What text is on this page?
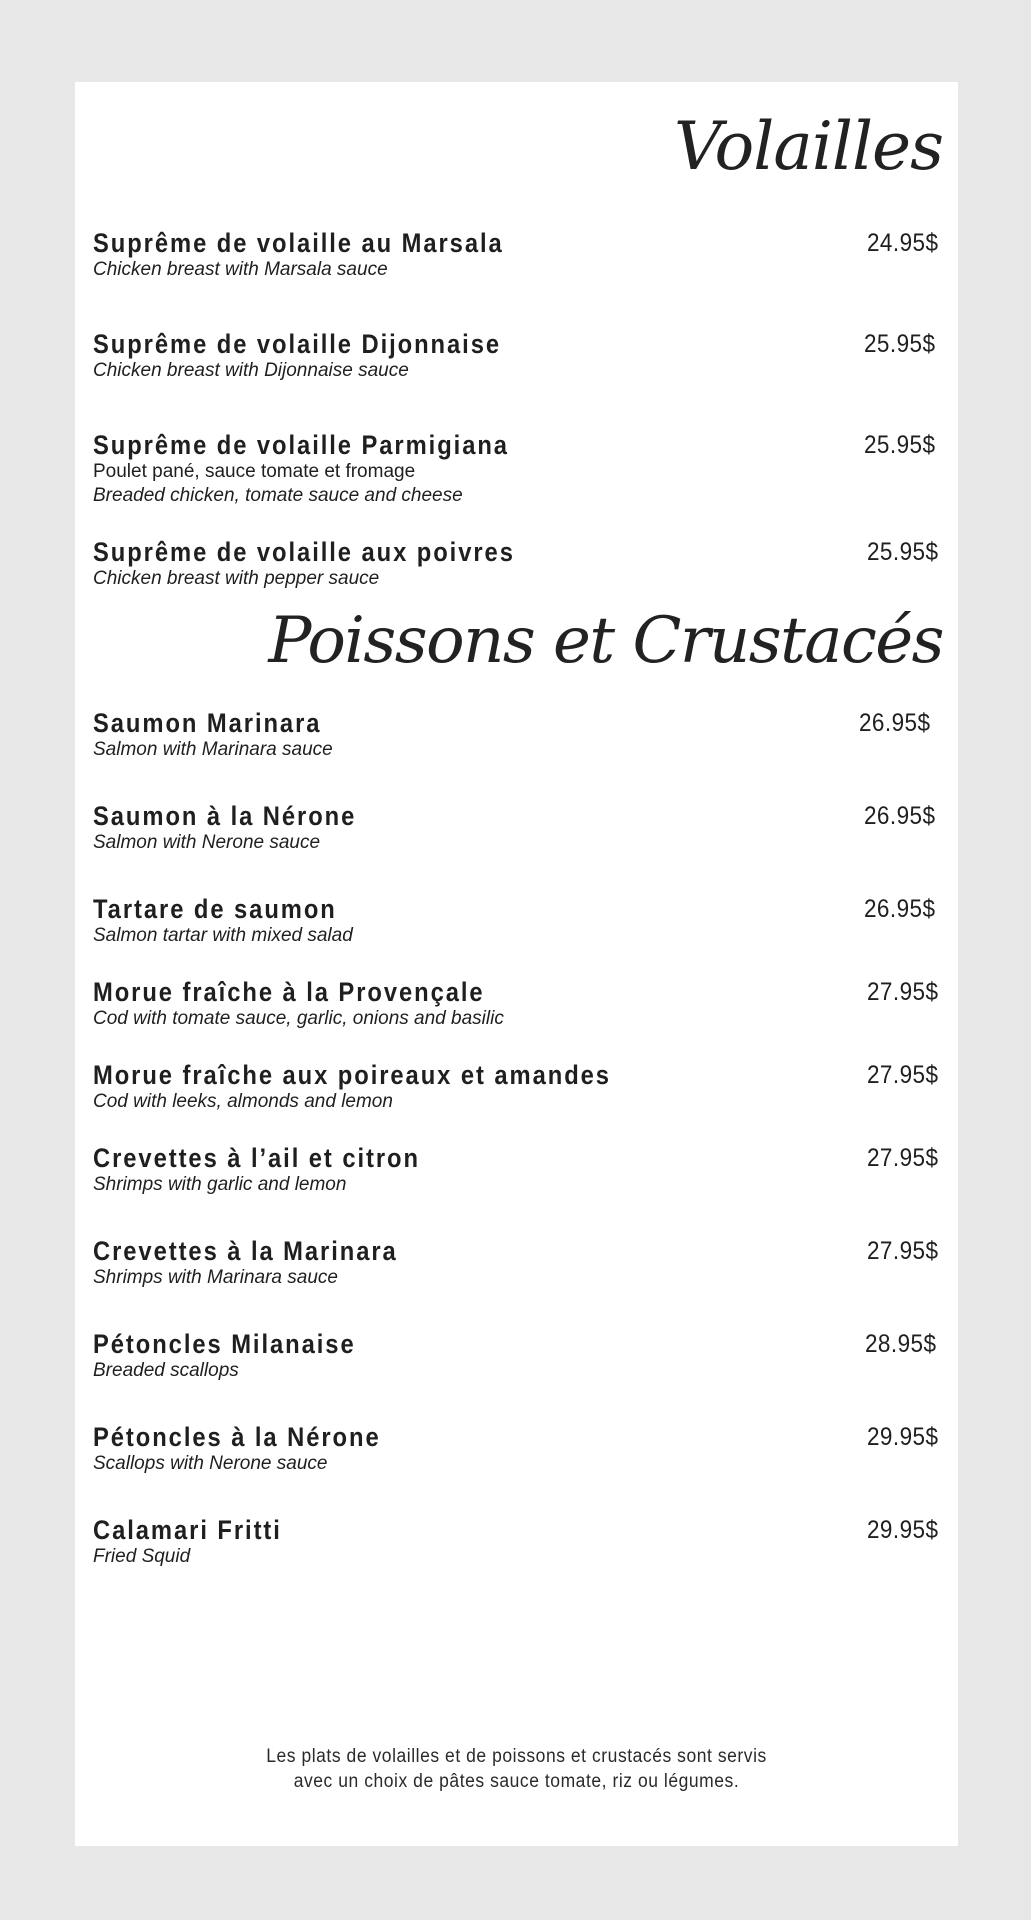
Volailles
Suprême de volaille au Marsala	24.95$
Chicken breast with Marsala sauce
Suprême de volaille Dijonnaise	25.95$
Chicken breast with Dijonnaise sauce
Suprême de volaille Parmigiana	25.95$
Poulet pané, sauce tomate et fromage
Breaded chicken, tomate sauce and cheese
Suprême de volaille aux poivres	25.95$
Chicken breast with pepper sauce
Poissons et Crustacés
Saumon Marinara	26.95$
Salmon with Marinara sauce
Saumon à la Nérone	26.95$
Salmon with Nerone sauce
Tartare de saumon	26.95$
Salmon tartar with mixed salad
Morue fraîche à la Provençale	27.95$
Cod with tomate sauce, garlic, onions and basilic
Morue fraîche aux poireaux et amandes	27.95$
Cod with leeks, almonds and lemon
Crevettes à l’ail et citron	27.95$
Shrimps with garlic and lemon
Crevettes à la Marinara	27.95$
Shrimps with Marinara sauce
Pétoncles Milanaise	28.95$
Breaded scallops
Pétoncles à la Nérone	29.95$
Scallops with Nerone sauce
Calamari Fritti	29.95$
Fried Squid
Les plats de volailles et de poissons et crustacés sont servis
avec un choix de pâtes sauce tomate, riz ou légumes.
